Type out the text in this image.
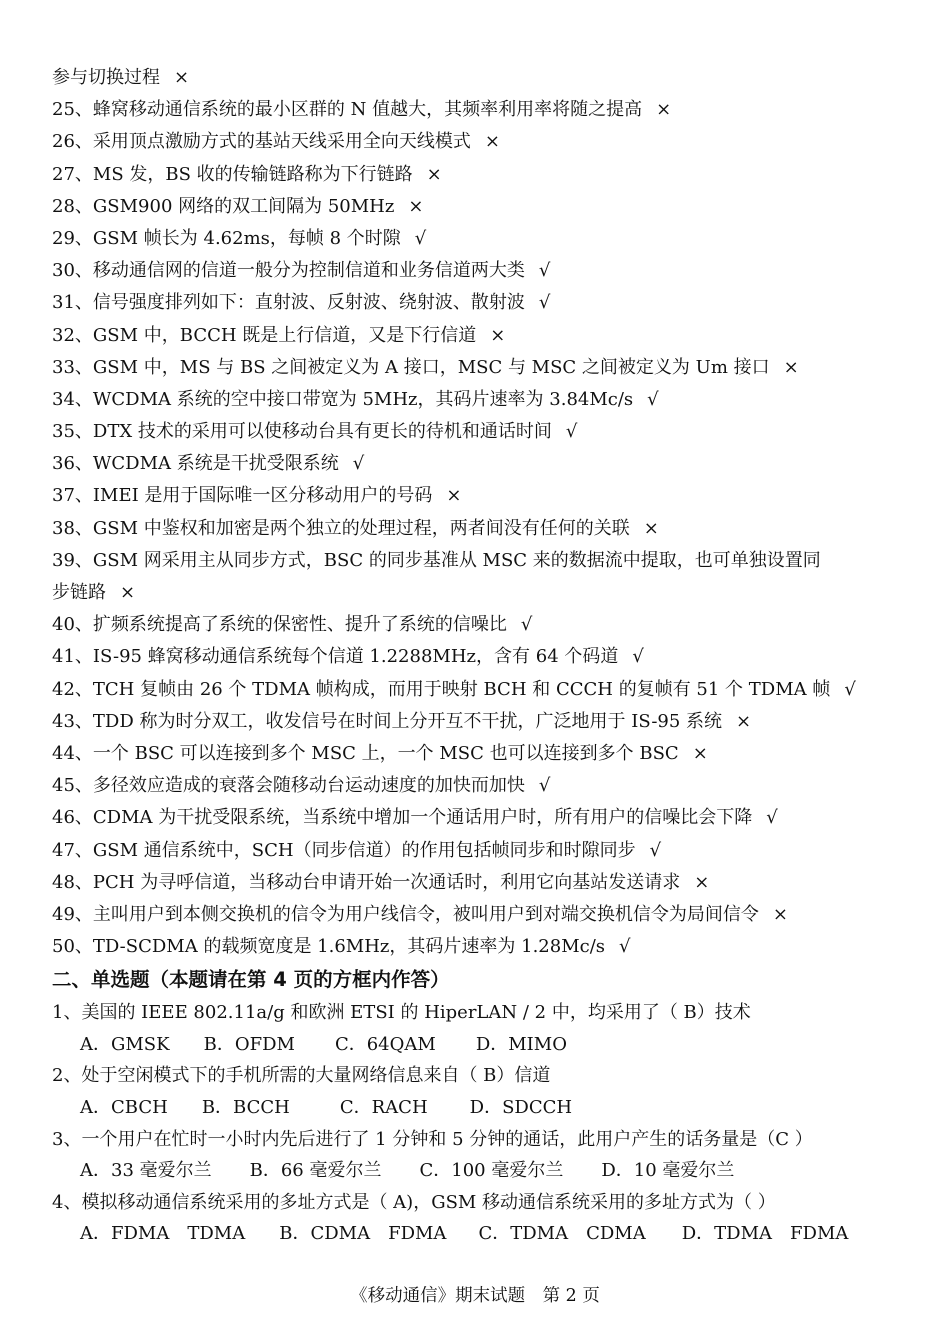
参与切换过程 ×
25、蜂窝移动通信系统的最小区群的 N 值越大，其频率利用率将随之提高 ×
26、采用顶点激励方式的基站天线采用全向天线模式 ×
27、MS 发，BS 收的传输链路称为下行链路 ×
28、GSM900 网络的双工间隔为 50MHz ×
29、GSM 帧长为 4.62ms，每帧 8 个时隙 √
30、移动通信网的信道一般分为控制信道和业务信道两大类 √
31、信号强度排列如下：直射波、反射波、绕射波、散射波 √
32、GSM 中，BCCH 既是上行信道，又是下行信道 ×
33、GSM 中，MS 与 BS 之间被定义为 A 接口，MSC 与 MSC 之间被定义为 Um 接口 ×
34、WCDMA 系统的空中接口带宽为 5MHz，其码片速率为 3.84Mc/s √
35、DTX 技术的采用可以使移动台具有更长的待机和通话时间 √
36、WCDMA 系统是干扰受限系统 √
37、IMEI 是用于国际唯一区分移动用户的号码 ×
38、GSM 中鉴权和加密是两个独立的处理过程，两者间没有任何的关联 ×
39、GSM 网采用主从同步方式，BSC 的同步基准从 MSC 来的数据流中提取，也可单独设置同
步链路 ×
40、扩频系统提高了系统的保密性、提升了系统的信噪比 √
41、IS-95 蜂窝移动通信系统每个信道 1.2288MHz，含有 64 个码道 √
42、TCH 复帧由 26 个 TDMA 帧构成，而用于映射 BCH 和 CCCH 的复帧有 51 个 TDMA 帧 √
43、TDD 称为时分双工，收发信号在时间上分开互不干扰，广泛地用于 IS-95 系统 ×
44、一个 BSC 可以连接到多个 MSC 上，一个 MSC 也可以连接到多个 BSC ×
45、多径效应造成的衰落会随移动台运动速度的加快而加快 √
46、CDMA 为干扰受限系统，当系统中增加一个通话用户时，所有用户的信噪比会下降 √
47、GSM 通信系统中，SCH（同步信道）的作用包括帧同步和时隙同步 √
48、PCH 为寻呼信道，当移动台申请开始一次通话时，利用它向基站发送请求 ×
49、主叫用户到本侧交换机的信令为用户线信令，被叫用户到对端交换机信令为局间信令 ×
50、TD-SCDMA 的载频宽度是 1.6MHz，其码片速率为 1.28Mc/s √
二、单选题（本题请在第 4 页的方框内作答）
1、美国的 IEEE 802.11a/g 和欧洲 ETSI 的 HiperLAN / 2 中，均采用了（ B）技术
A．GMSK B．OFDM C．64QAM D．MIMO
2、处于空闲模式下的手机所需的大量网络信息来自（ B）信道
A．CBCH B．BCCH	C．RACH D．SDCCH
3、一个用户在忙时一小时内先后进行了 1 分钟和 5 分钟的通话，此用户产生的话务量是（C ）
A．33 毫爱尔兰 B．66 毫爱尔兰 C．100 毫爱尔兰 D．10 毫爱尔兰
4、模拟移动通信系统采用的多址方式是（ A)，GSM 移动通信系统采用的多址方式为（ ）
A．FDMA　TDMA B．CDMA　FDMA C．TDMA　CDMA D．TDMA　FDMA
《移动通信》期末试题　第 2 页
